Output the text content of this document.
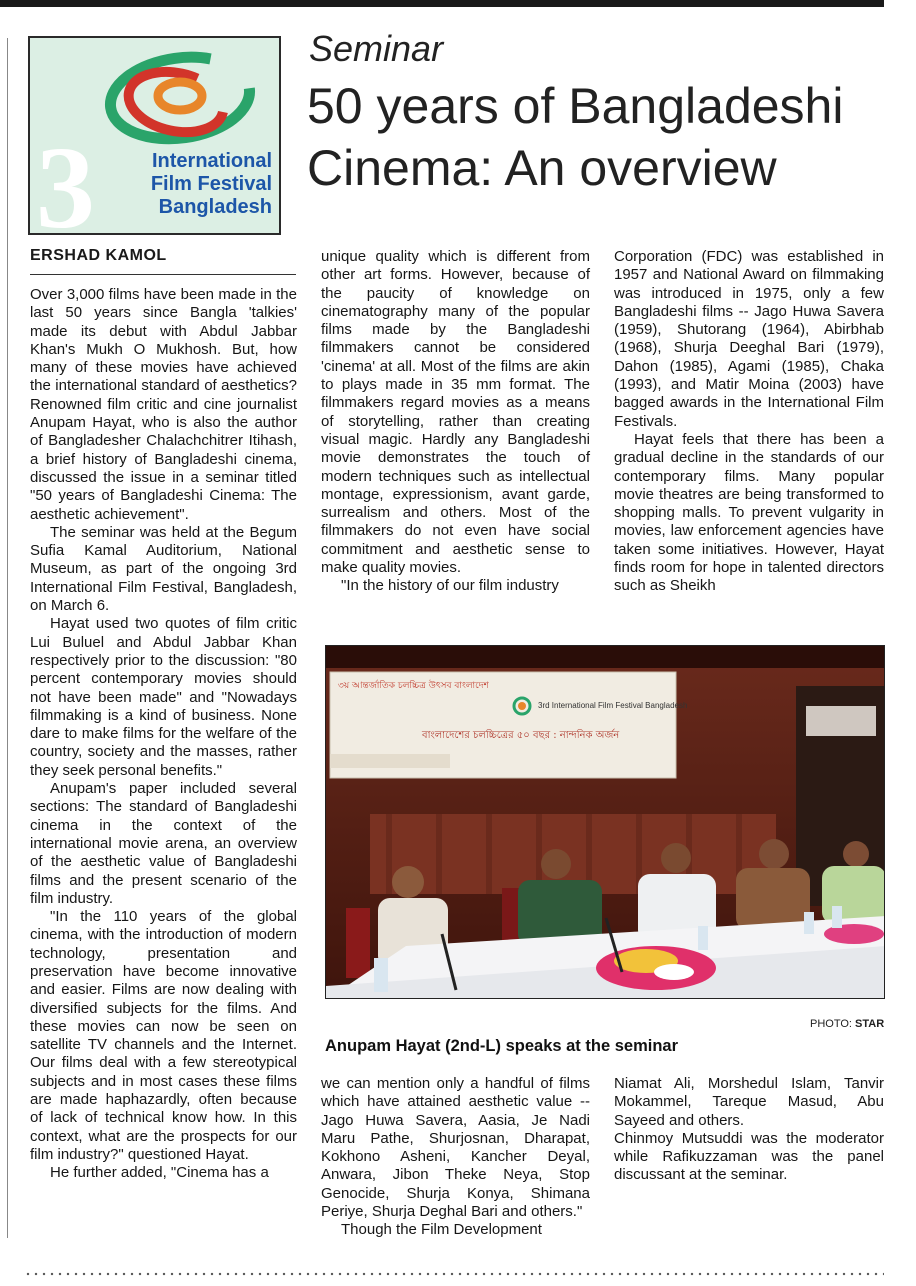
3	International
Film Festival
Bangladesh
Seminar
50 years of Bangladeshi Cinema: An overview
ERSHAD KAMOL

Over 3,000 films have been made in the last 50 years since Bangla 'talkies' made its debut with Abdul Jabbar Khan's Mukh O Mukhosh. But, how many of these movies have achieved the international standard of aesthetics? Renowned film critic and cine journalist Anupam Hayat, who is also the author of Bangladesher Chalachchitrer Itihash, a brief history of Bangladeshi cinema, discussed the issue in a seminar titled "50 years of Bangladeshi Cinema: The aesthetic achievement".

The seminar was held at the Begum Sufia Kamal Auditorium, National Museum, as part of the ongoing 3rd International Film Festival, Bangladesh, on March 6.

Hayat used two quotes of film critic Lui Buluel and Abdul Jabbar Khan respectively prior to the discussion: "80 percent contemporary movies should not have been made" and "Nowadays filmmaking is a kind of business. None dare to make films for the welfare of the country, society and the masses, rather they seek personal benefits."

Anupam's paper included several sections: The standard of Bangladeshi cinema in the context of the international movie arena, an overview of the aesthetic value of Bangladeshi films and the present scenario of the film industry.

"In the 110 years of the global cinema, with the introduction of modern technology, presentation and preservation have become innovative and easier. Films are now dealing with diversified subjects for the films. And these movies can now be seen on satellite TV channels and the Internet. Our films deal with a few stereotypical subjects and in most cases these films are made haphazardly, often because of lack of technical know how. In this context, what are the prospects for our film industry?" questioned Hayat.

He further added, "Cinema has a

unique quality which is different from other art forms. However, because of the paucity of knowledge on cinematography many of the popular films made by the Bangladeshi filmmakers cannot be considered 'cinema' at all. Most of the films are akin to plays made in 35 mm format. The filmmakers regard movies as a means of storytelling, rather than creating visual magic. Hardly any Bangladeshi movie demonstrates the touch of modern techniques such as intellectual montage, expressionism, avant garde, surrealism and others. Most of the filmmakers do not even have social commitment and aesthetic sense to make quality movies.

"In the history of our film industry

Corporation (FDC) was established in 1957 and National Award on filmmaking was introduced in 1975, only a few Bangladeshi films -- Jago Huwa Savera (1959), Shutorang (1964), Abirbhab (1968), Shurja Deeghal Bari (1979), Dahon (1985), Agami (1985), Chaka (1993), and Matir Moina (2003) have bagged awards in the International Film Festivals.

Hayat feels that there has been a gradual decline in the standards of our contemporary films. Many popular movie theatres are being transformed to shopping malls. To prevent vulgarity in movies, law enforcement agencies have taken some initiatives. However, Hayat finds room for hope in talented directors such as Sheikh

3rd International Film Festival Bangladesh
৩য় আন্তর্জাতিক চলচ্চিত্র উৎসব বাংলাদেশ
বাংলাদেশের চলচ্চিত্রের ৫০ বছর : নান্দনিক অর্জন
PHOTO: STAR
Anupam Hayat (2nd-L) speaks at the seminar

we can mention only a handful of films which have attained aesthetic value -- Jago Huwa Savera, Aasia, Je Nadi Maru Pathe, Shurjosnan, Dharapat, Kokhono Asheni, Kancher Deyal, Anwara, Jibon Theke Neya, Stop Genocide, Shurja Konya, Shimana Periye, Shurja Deghal Bari and others."

Though the Film Development

Niamat Ali, Morshedul Islam, Tanvir Mokammel, Tareque Masud, Abu Sayeed and others.

Chinmoy Mutsuddi was the moderator while Rafikuzzaman was the panel discussant at the seminar.
